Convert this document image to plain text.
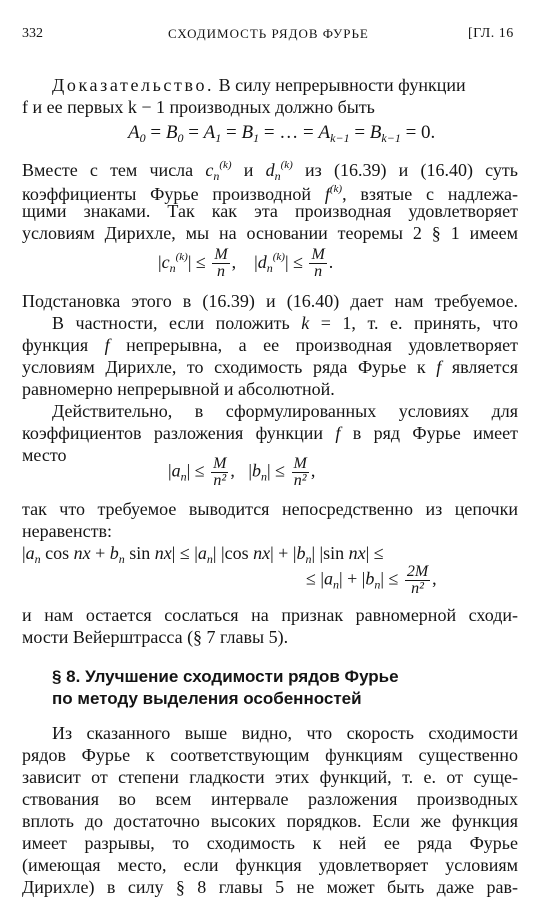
332	СХОДИМОСТЬ РЯДОВ ФУРЬЕ	[ГЛ. 16
Доказательство. В силу непрерывности функции
f и ее первых k − 1 производных должно быть
$A_0 = B_0 = A_1 = B_1$ = … = $A_{k-1} = B_{k-1} = 0$.
Вместе с тем числа $c_n^{(k)}$ и $d_n^{(k)}$ из (16.39) и (16.40) суть
коэффициенты Фурье производной $f^{(k)}$, взятые с надлежа-
щими знаками. Так как эта производная удовлетворяет
условиям Дирихле, мы на основании теоремы 2 § 1 имеем
$|c_n^{(k)}| \le \frac{M}{n}$ ,    $|d_n^{(k)}| \le \frac{M}{n}$ .
Подстановка этого в (16.39) и (16.40) дает нам требуемое.
В частности, если положить k = 1, т. е. принять, что
функция f непрерывна, а ее производная удовлетворяет
условиям Дирихле, то сходимость ряда Фурье к f является
равномерно непрерывной и абсолютной.
Действительно, в сформулированных условиях для
коэффициентов разложения функции f в ряд Фурье имеет
место
$|a_n| \le \frac{M}{\text{n²}}$ ,   $|b_n| \le \frac{M}{\text{n²}}$ ,
так что требуемое выводится непосредственно из цепочки
неравенств:
$|a_n$ cos nx + $b_n$ $\sin nx| \le |a_n|$ |cos $nx| + |b_n|$ |sin nx| ≤
≤ $|a_n| + |b_n| \le \frac{2M}{\text{n²}}$ ,
и нам остается сослаться на признак равномерной сходи-
мости Вейерштрасса (§ 7 главы 5).
§ 8. Улучшение сходимости рядов Фурье
по методу выделения особенностей
Из сказанного выше видно, что скорость сходимости
рядов Фурье к соответствующим функциям существенно
зависит от степени гладкости этих функций, т. е. от суще-
ствования во всем интервале разложения производных
вплоть до достаточно высоких порядков. Если же функция
имеет разрывы, то сходимость к ней ее ряда Фурье
(имеющая место, если функция удовлетворяет условиям
Дирихле) в силу § 8 главы 5 не может быть даже рав-
